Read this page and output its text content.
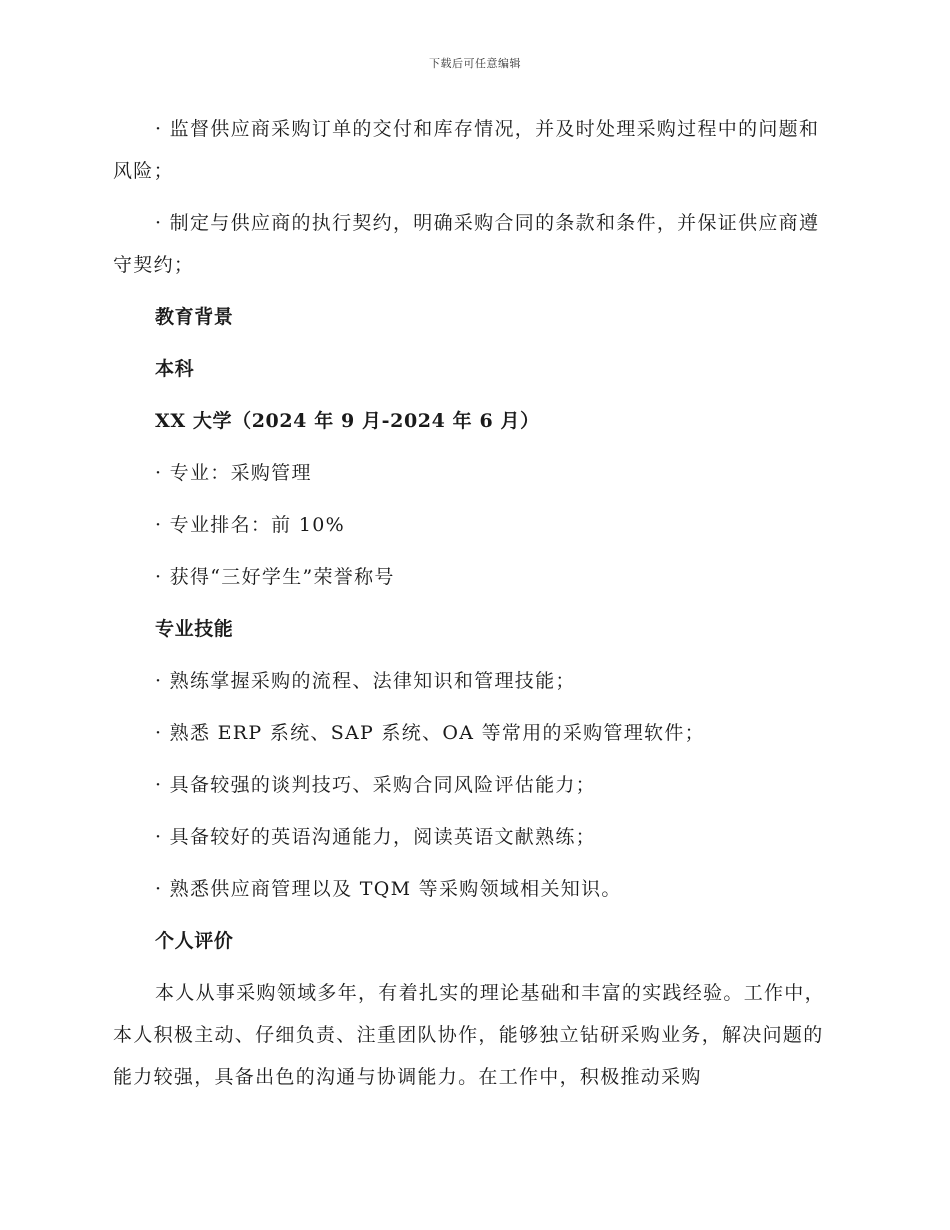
下载后可任意编辑

· 监督供应商采购订单的交付和库存情况，并及时处理采购过程中的问题和风险；

· 制定与供应商的执行契约，明确采购合同的条款和条件，并保证供应商遵守契约；

教育背景

本科

XX 大学（2024 年 9 月-2024 年 6 月）

· 专业：采购管理

· 专业排名：前 10%

· 获得“三好学生”荣誉称号

专业技能

· 熟练掌握采购的流程、法律知识和管理技能；

· 熟悉 ERP 系统、SAP 系统、OA 等常用的采购管理软件；

· 具备较强的谈判技巧、采购合同风险评估能力；

· 具备较好的英语沟通能力，阅读英语文献熟练；

· 熟悉供应商管理以及 TQM 等采购领域相关知识。

个人评价

本人从事采购领域多年，有着扎实的理论基础和丰富的实践经验。工作中，本人积极主动、仔细负责、注重团队协作，能够独立钻研采购业务，解决问题的能力较强，具备出色的沟通与协调能力。在工作中，积极推动采购
